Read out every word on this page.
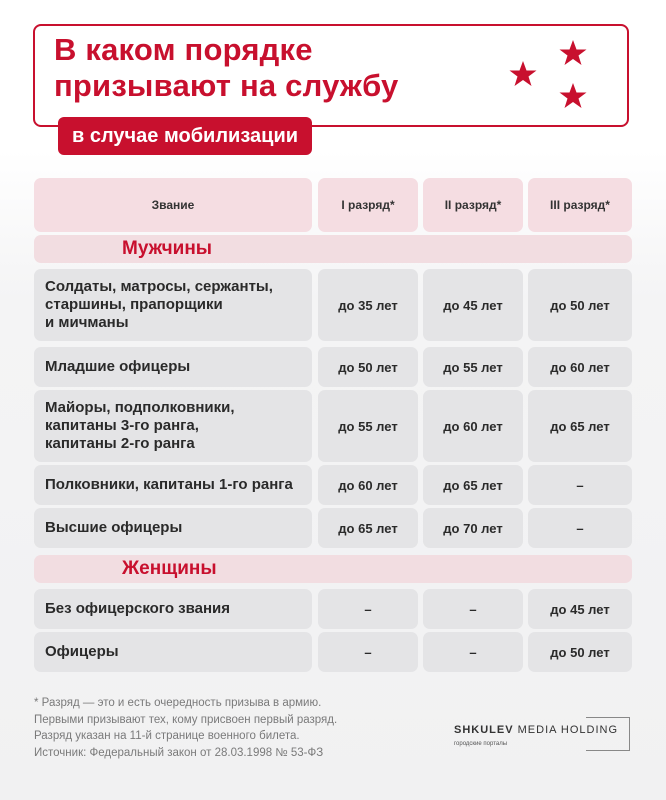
В каком порядке
призывают на службу
в случае мобилизации
Звание	I разряд*	II разряд*	III разряд*
Мужчины
Солдаты, матросы, сержанты,
старшины, прапорщики
и мичманы
до 35 лет	до 45 лет	до 50 лет
Младшие офицеры	до 50 лет	до 55 лет	до 60 лет
Майоры, подполковники,
капитаны 3-го ранга,
капитаны 2-го ранга
до 55 лет	до 60 лет	до 65 лет
Полковники, капитаны 1-го ранга	до 60 лет	до 65 лет	–
Высшие офицеры	до 65 лет	до 70 лет	–
Женщины
Без офицерского звания	–	–	до 45 лет
Офицеры	–	–	до 50 лет
* Разряд — это и есть очередность призыва в армию.
Первыми призывают тех, кому присвоен первый разряд.
Разряд указан на 11-й странице военного билета.
Источник: Федеральный закон от 28.03.1998 № 53-ФЗ
SHKULEV MEDIA HOLDING
городские порталы
